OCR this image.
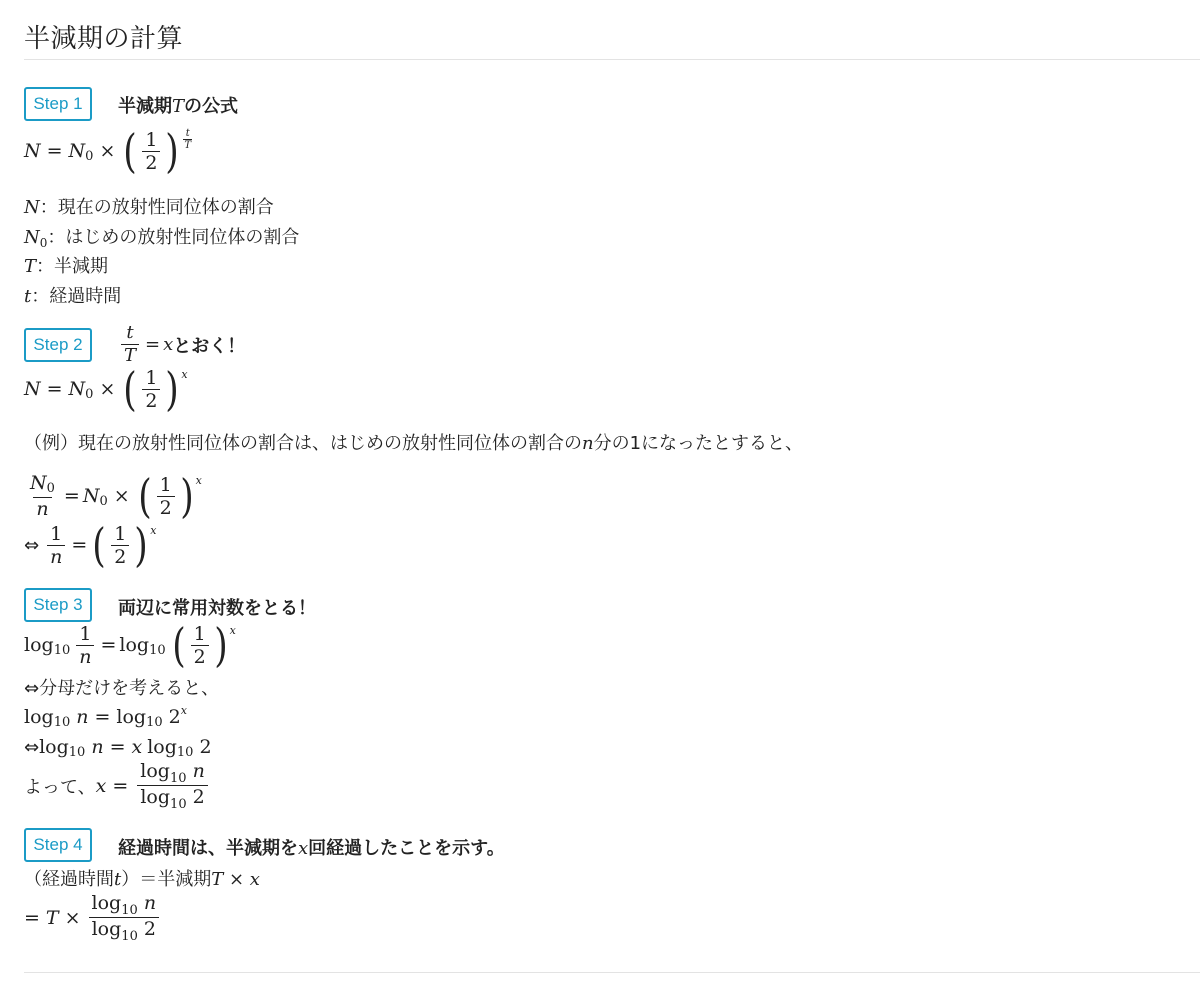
半減期の計算
Step 1	半減期Tの公式
N = N 0 × ( $\frac{1}{2}$ ) $\frac{t}{T}$
N：現在の放射性同位体の割合
$N_0$：はじめの放射性同位体の割合
T：半減期
t：経過時間
Step 2	$\frac{t}{T} = x$ とおく！
N = N 0 × ( $\frac{1}{2}$ ) x
（例）現在の放射性同位体の割合は、はじめの放射性同位体の割合のn分の1になったとすると、
$\frac{N0}{n} = N$ 0 × ( $\frac{1}{2}$ ) x
⇔ $\frac{1}{n}$ = ( $\frac{1}{2}$ ) x
Step 3	両辺に常用対数をとる！
$\log 10 \frac{1}{n} = \log 10$ ( $\frac{1}{2}$ ) x
⇔分母だけを考えると、
log 10 n = log 10 2 x
⇔ log 10 n = x log 10 2
よって、 $x = \frac{\log_{10} n}{\log_{10} 2}$
Step 4	経過時間は、半減期をx回経過したことを示す。
（経過時間t）＝半減期T × x
= $T \times \frac{\log_{10} n}{\log_{10} 2}$
